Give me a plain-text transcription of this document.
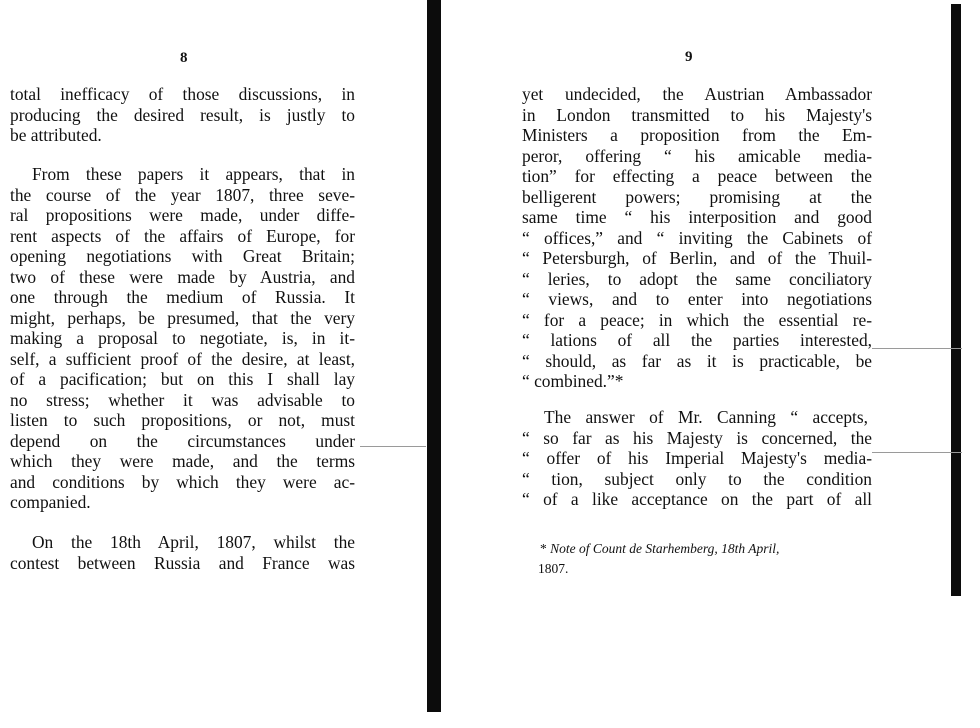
8
total inefficacy of those discussions, in
producing the desired result, is justly to
be attributed.
From these papers it appears, that in
the course of the year 1807, three seve-
ral propositions were made, under diffe-
rent aspects of the affairs of Europe, for
opening negotiations with Great Britain;
two of these were made by Austria, and
one through the medium of Russia. It
might, perhaps, be presumed, that the very
making a proposal to negotiate, is, in it-
self, a sufficient proof of the desire, at least,
of a pacification; but on this I shall lay
no stress; whether it was advisable to
listen to such propositions, or not, must
depend on the circumstances under
which they were made, and the terms
and conditions by which they were ac-
companied.
On the 18th April, 1807, whilst the
contest between Russia and France was
9
yet undecided, the Austrian Ambassador
in London transmitted to his Majesty's
Ministers a proposition from the Em-
peror, offering “ his amicable media-
tion” for effecting a peace between the
belligerent powers; promising at the
same time “ his interposition and good
“ offices,” and “ inviting the Cabinets of
“ Petersburgh, of Berlin, and of the Thuil-
“ leries, to adopt the same conciliatory
“ views, and to enter into negotiations
“ for a peace; in which the essential re-
“ lations of all the parties interested,
“ should, as far as it is practicable, be
“ combined.”*
The answer of Mr. Canning “ accepts,
“ so far as his Majesty is concerned, the
“ offer of his Imperial Majesty's media-
“ tion, subject only to the condition
“ of a like acceptance on the part of all
* Note of Count de Starhemberg, 18th April,
1807.
